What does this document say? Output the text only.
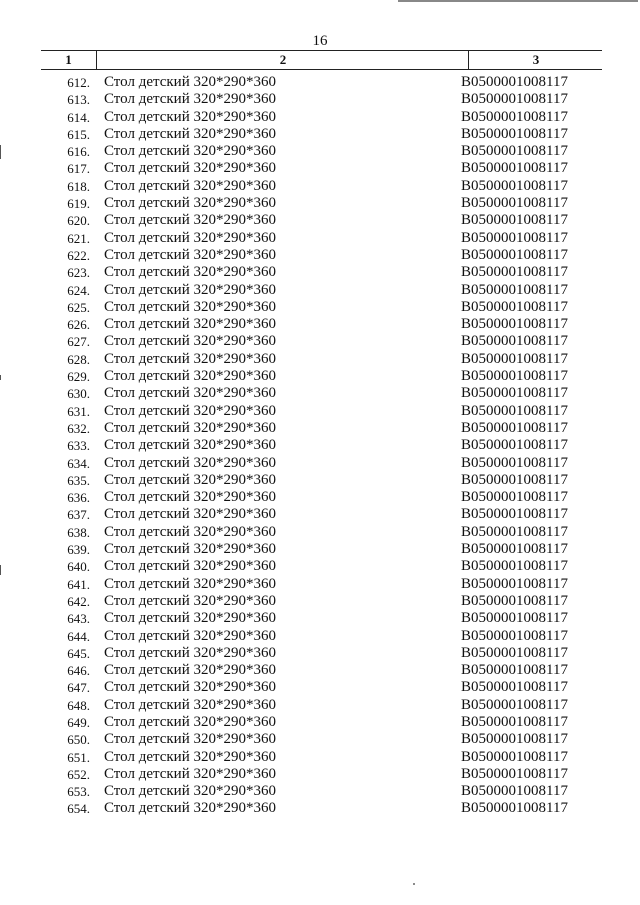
16
1	2	3
612. Стол детский 320*290*360	B0500001008117
613. Стол детский 320*290*360	B0500001008117
614. Стол детский 320*290*360	B0500001008117
615. Стол детский 320*290*360	B0500001008117
616. Стол детский 320*290*360	B0500001008117
617. Стол детский 320*290*360	B0500001008117
618. Стол детский 320*290*360	B0500001008117
619. Стол детский 320*290*360	B0500001008117
620. Стол детский 320*290*360	B0500001008117
621. Стол детский 320*290*360	B0500001008117
622. Стол детский 320*290*360	B0500001008117
623. Стол детский 320*290*360	B0500001008117
624. Стол детский 320*290*360	B0500001008117
625. Стол детский 320*290*360	B0500001008117
626. Стол детский 320*290*360	B0500001008117
627. Стол детский 320*290*360	B0500001008117
628. Стол детский 320*290*360	B0500001008117
629. Стол детский 320*290*360	B0500001008117
630. Стол детский 320*290*360	B0500001008117
631. Стол детский 320*290*360	B0500001008117
632. Стол детский 320*290*360	B0500001008117
633. Стол детский 320*290*360	B0500001008117
634. Стол детский 320*290*360	B0500001008117
635. Стол детский 320*290*360	B0500001008117
636. Стол детский 320*290*360	B0500001008117
637. Стол детский 320*290*360	B0500001008117
638. Стол детский 320*290*360	B0500001008117
639. Стол детский 320*290*360	B0500001008117
640. Стол детский 320*290*360	B0500001008117
641. Стол детский 320*290*360	B0500001008117
642. Стол детский 320*290*360	B0500001008117
643. Стол детский 320*290*360	B0500001008117
644. Стол детский 320*290*360	B0500001008117
645. Стол детский 320*290*360	B0500001008117
646. Стол детский 320*290*360	B0500001008117
647. Стол детский 320*290*360	B0500001008117
648. Стол детский 320*290*360	B0500001008117
649. Стол детский 320*290*360	B0500001008117
650. Стол детский 320*290*360	B0500001008117
651. Стол детский 320*290*360	B0500001008117
652. Стол детский 320*290*360	B0500001008117
653. Стол детский 320*290*360	B0500001008117
654. Стол детский 320*290*360	B0500001008117
